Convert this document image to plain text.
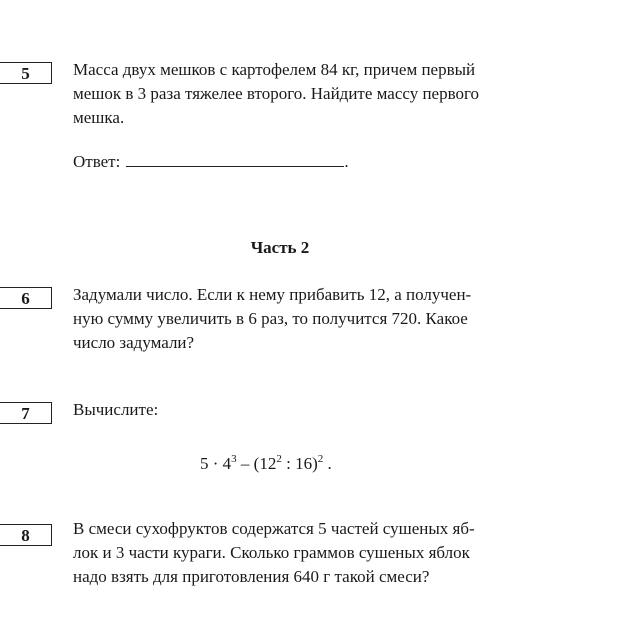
5	Масса двух мешков с картофелем 84 кг, причем первый
мешок в 3 раза тяжелее второго. Найдите массу первого
мешка.
Ответ:	.
Часть 2
6	Задумали число. Если к нему прибавить 12, а получен-
ную сумму увеличить в 6 раз, то получится 720. Какое
число задумали?
7	Вычислите:
$5 \cdot 4^3 - (12^2$ : 16)$^2$ .
8	В смеси сухофруктов содержатся 5 частей сушеных яб-
лок и 3 части кураги. Сколько граммов сушеных яблок
надо взять для приготовления 640 г такой смеси?
